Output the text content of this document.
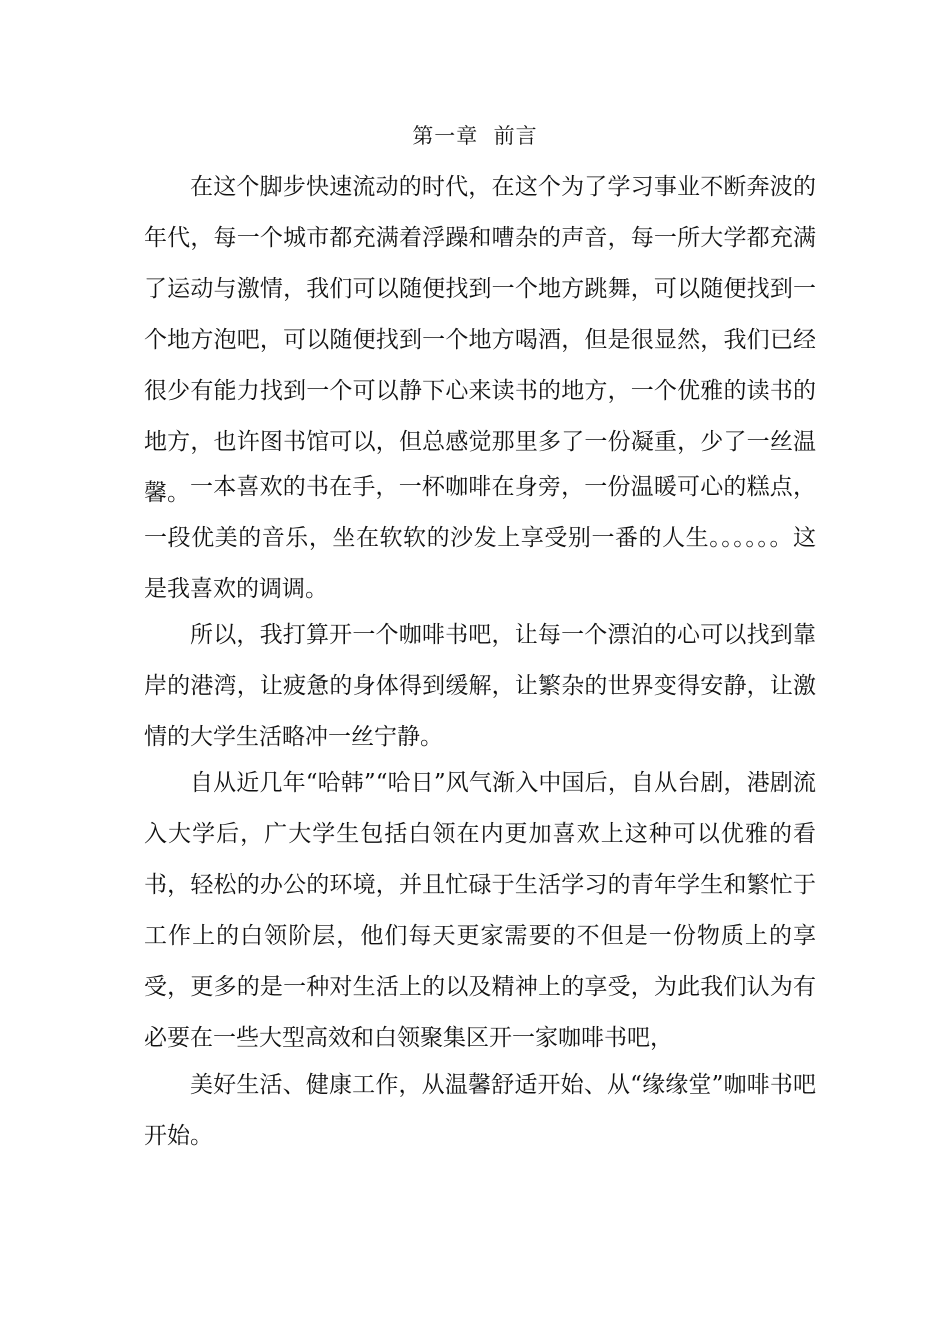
第一章  前言

在这个脚步快速流动的时代，在这个为了学习事业不断奔波的年代，每一个城市都充满着浮躁和嘈杂的声音，每一所大学都充满了运动与激情，我们可以随便找到一个地方跳舞，可以随便找到一个地方泡吧，可以随便找到一个地方喝酒，但是很显然，我们已经很少有能力找到一个可以静下心来读书的地方，一个优雅的读书的地方，也许图书馆可以，但总感觉那里多了一份凝重，少了一丝温馨。 一本喜欢的书在手，一杯咖啡在身旁，一份温暖可心的糕点，一段优美的音乐，坐在软软的沙发上享受别一番的人生。。。。。。这是我喜欢的调调。

所以，我打算开一个咖啡书吧，让每一个漂泊的心可以找到靠岸的港湾，让疲惫的身体得到缓解，让繁杂的世界变得安静，让激情的大学生活略冲一丝宁静。

自从近几年“哈韩”“哈日”风气渐入中国后，自从台剧，港剧流入大学后，广大学生包括白领在内更加喜欢上这种可以优雅的看书，轻松的办公的环境，并且忙碌于生活学习的青年学生和繁忙于工作上的白领阶层，他们每天更家需要的不但是一份物质上的享受，更多的是一种对生活上的以及精神上的享受，为此我们认为有必要在一些大型高效和白领聚集区开一家咖啡书吧，

美好生活、健康工作，从温馨舒适开始、从“缘缘堂”咖啡书吧开始。
